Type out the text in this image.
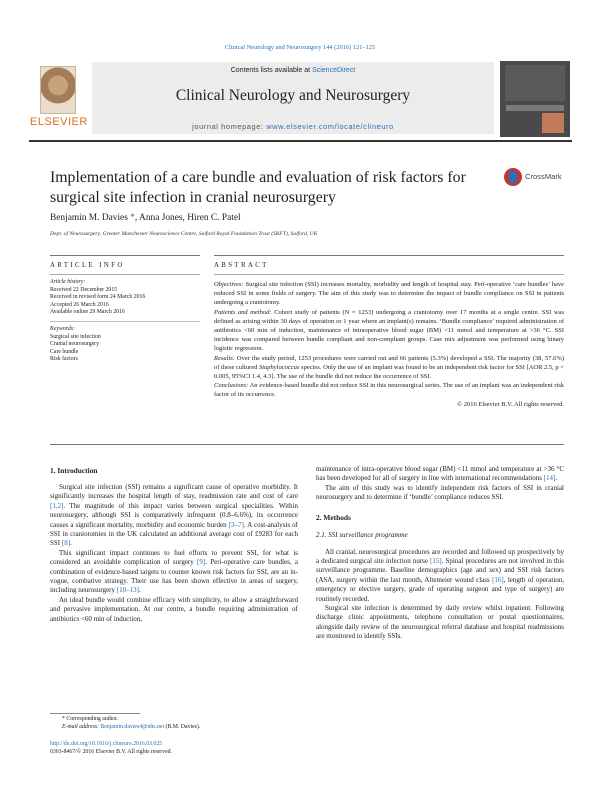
Clinical Neurology and Neurosurgery 144 (2016) 121–125
ELSEVIER
Contents lists available at ScienceDirect
Clinical Neurology and Neurosurgery
journal homepage: www.elsevier.com/locate/clineuro
Implementation of a care bundle and evaluation of risk factors for
surgical site infection in cranial neurosurgery
CrossMark
Benjamin M. Davies *, Anna Jones, Hiren C. Patel
Dept. of Neurosurgery, Greater Manchester Neuroscience Centre, Salford Royal Foundation Trust (SRFT), Salford, UK
ARTICLE INFO	ABSTRACT
Article history:
Received 22 December 2015
Received in revised form 24 March 2016
Accepted 26 March 2016
Available online 29 March 2016
Keywords:
Surgical site infection
Cranial neurosurgery
Care bundle
Risk factors

Objectives: Surgical site infection (SSI) increases mortality, morbidity and length of hospital stay. Peri-operative ‘care bundles’ have reduced SSI in some fields of surgery. The aim of this study was to determine the impact of bundle compliance on SSI in patients undergoing a craniotomy.

Patients and method: Cohort study of patients (N = 1253) undergoing a craniotomy over 17 months at a single centre. SSI was defined as arising within 30 days of operation or 1 year where an implant(s) remains. ‘Bundle compliance’ required administration of antibiotics <60 min of induction, maintenance of intraoperative blood sugar (BM) <11 mmol and temperature at >36 °C. SSI incidence was compared between bundle compliant and non-compliant groups. Case mix adjustment was performed using binary logistic regression.

Results: Over the study period, 1253 procedures were carried out and 66 patients (5.3%) developed a SSI. The majority (38, 57.6%) of these cultured Staphylococcus species. Only the use of an implant was found to be an independent risk factor for SSI [AOR 2.5, p < 0.005, 95%CI 1.4, 4.3]. The use of the bundle did not reduce the occurrence of SSI.

Conclusions: An evidence-based bundle did not reduce SSI in this neurosurgical series. The use of an implant was an independent risk factor of its occurrence.

© 2016 Elsevier B.V. All rights reserved.

1. Introduction

Surgical site infection (SSI) remains a significant cause of operative morbidity. It significantly increases the hospital length of stay, readmission rate and cost of care [1,2]. The magnitude of this impact varies between surgical specialities. Within neurosurgery, although SSI is comparatively infrequent (0.8–6.6%), its occurrence causes a significant mortality, morbidity and economic burden [3–7]. A cost-analysis of SSI in craniotomies in the UK calculated an additional average cost of £9283 for each SSI [8].

This significant impact continues to fuel efforts to prevent SSI, for what is considered an avoidable complication of surgery [9]. Peri-operative care bundles, a combination of evidence-based targets to counter known risk factors for SSI, are an in-vogue, combative strategy. Their use has been shown effective in areas of surgery, including neurosurgery [10–13].

An ideal bundle would combine efficacy with simplicity, to allow a straightforward and pervasive implementation. At our centre, a bundle requiring administration of antibiotics <60 min of induction,

* Corresponding author.
E-mail address: Benjamin.davies4@nhs.net (B.M. Davies).
http://dx.doi.org/10.1016/j.clineuro.2016.03.025
0303-8467/© 2016 Elsevier B.V. All rights reserved.

maintenance of intra-operative blood sugar (BM) <11 mmol and temperature at >36 °C has been developed for all of surgery in line with international recommendations [14].

The aim of this study was to identify independent risk factors of SSI in cranial neurosurgery and to determine if ‘bundle’ compliance reduces SSI.

2. Methods
2.1. SSI surveillance programme

All cranial, neurosurgical procedures are recorded and followed up prospectively by a dedicated surgical site infection nurse [15]. Spinal procedures are not involved in this surveillance programme. Baseline demographics (age and sex) and SSI risk factors (ASA, surgery within the last month, Altemeier wound class [16], length of operation, emergency or elective surgery, grade of operating surgeon and type of surgery) are routinely recorded.

Surgical site infection is determined by daily review whilst inpatient. Following discharge clinic appointments, telephone consultation or postal questionnaires, alongside daily review of the neurosurgical referral database and hospital readmissions are monitored to identify SSIs.
